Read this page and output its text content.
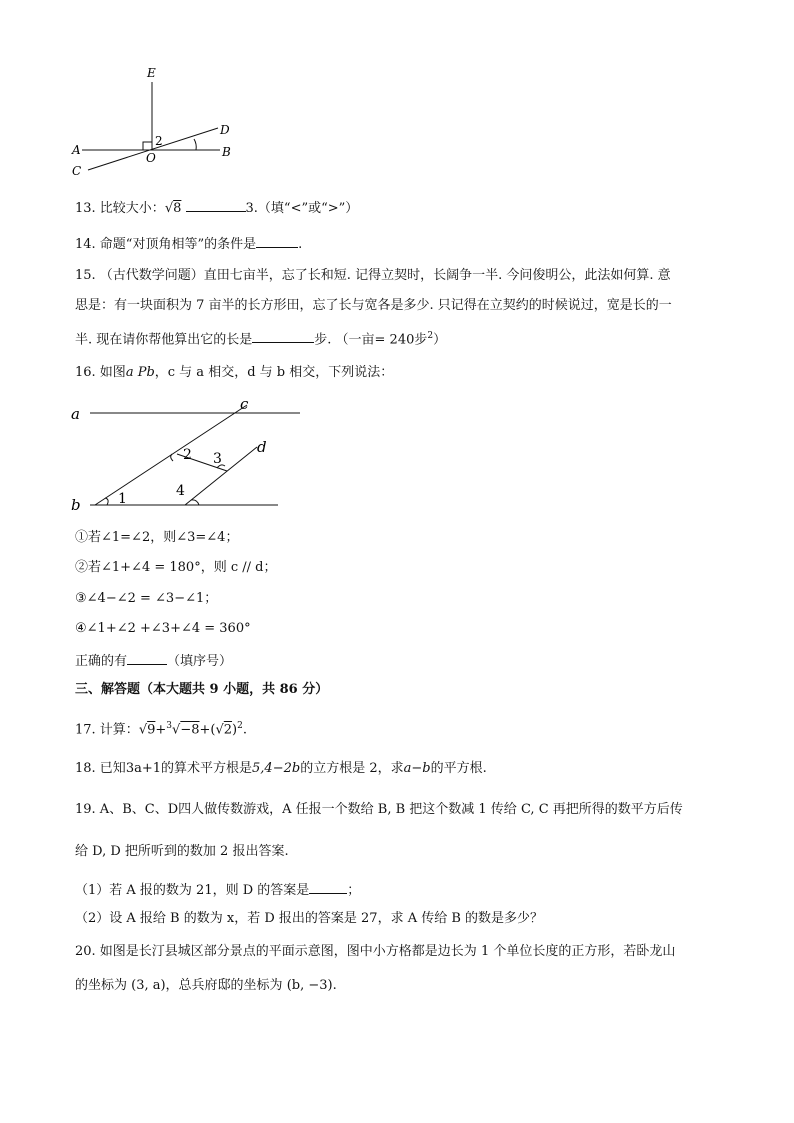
E
D
A	B
C
O
2
13. 比较大小：√8	3.（填“<”或“>”）
14. 命题“对顶角相等”的条件是	.
15. （古代数学问题）直田七亩半，忘了长和短. 记得立契时，长阔争一半. 今问俊明公，此法如何算. 意
思是：有一块面积为 7 亩半的长方形田，忘了长与宽各是多少. 只记得在立契约的时候说过，宽是长的一
半. 现在请你帮他算出它的长是	步. （一亩= 240步$^2$）
16. 如图a Pb，c 与 a 相交，d 与 b 相交，下列说法：
a
b
c
d
1
2 3
4
①若∠1=∠2，则∠3=∠4；
②若∠1+∠4 = 180°，则 c // d；
③∠4−∠2 = ∠3−∠1；
④∠1+∠2 +∠3+∠4 = 360°
正确的有	（填序号）
三、解答题（本大题共 9 小题，共 86 分）
17. 计算：$√9+^3√-8+(√2)^2$.
18. 已知3a+1的算术平方根是5,4−2b的立方根是 2，求a−b的平方根.
19. A、B、C、D四人做传数游戏，A 任报一个数给 B, B 把这个数减 1 传给 C, C 再把所得的数平方后传
给 D, D 把所听到的数加 2 报出答案.
（1）若 A 报的数为 21，则 D 的答案是	；
（2）设 A 报给 B 的数为 x，若 D 报出的答案是 27，求 A 传给 B 的数是多少？
20. 如图是长汀县城区部分景点的平面示意图，图中小方格都是边长为 1 个单位长度的正方形，若卧龙山
的坐标为 (3, a)，总兵府邸的坐标为 (b, −3).
